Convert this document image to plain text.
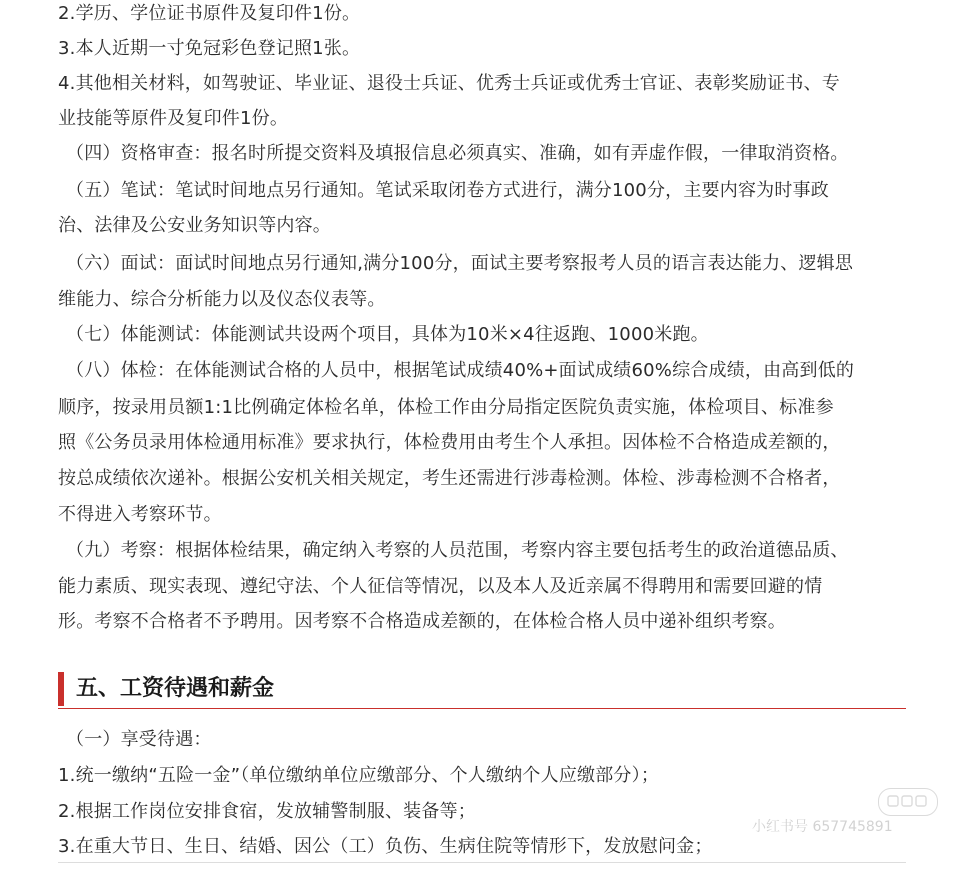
2.学历、学位证书原件及复印件1份。
3.本人近期一寸免冠彩色登记照1张。
4.其他相关材料，如驾驶证、毕业证、退役士兵证、优秀士兵证或优秀士官证、表彰奖励证书、专
业技能等原件及复印件1份。
（四）资格审查：报名时所提交资料及填报信息必须真实、准确，如有弄虚作假，一律取消资格。
（五）笔试：笔试时间地点另行通知。笔试采取闭卷方式进行，满分100分，主要内容为时事政
治、法律及公安业务知识等内容。
（六）面试：面试时间地点另行通知,满分100分，面试主要考察报考人员的语言表达能力、逻辑思
维能力、综合分析能力以及仪态仪表等。
（七）体能测试：体能测试共设两个项目，具体为10米×4往返跑、1000米跑。
（八）体检：在体能测试合格的人员中，根据笔试成绩40%+面试成绩60%综合成绩，由高到低的
顺序，按录用员额1:1比例确定体检名单，体检工作由分局指定医院负责实施，体检项目、标准参
照《公务员录用体检通用标准》要求执行，体检费用由考生个人承担。因体检不合格造成差额的，
按总成绩依次递补。根据公安机关相关规定，考生还需进行涉毒检测。体检、涉毒检测不合格者，
不得进入考察环节。
（九）考察：根据体检结果，确定纳入考察的人员范围，考察内容主要包括考生的政治道德品质、
能力素质、现实表现、遵纪守法、个人征信等情况，以及本人及近亲属不得聘用和需要回避的情
形。考察不合格者不予聘用。因考察不合格造成差额的，在体检合格人员中递补组织考察。
五、工资待遇和薪金
（一）享受待遇：
1.统一缴纳“五险一金”（单位缴纳单位应缴部分、个人缴纳个人应缴部分）；
2.根据工作岗位安排食宿，发放辅警制服、装备等；
3.在重大节日、生日、结婚、因公（工）负伤、生病住院等情形下，发放慰问金；
小红书号 657745891
